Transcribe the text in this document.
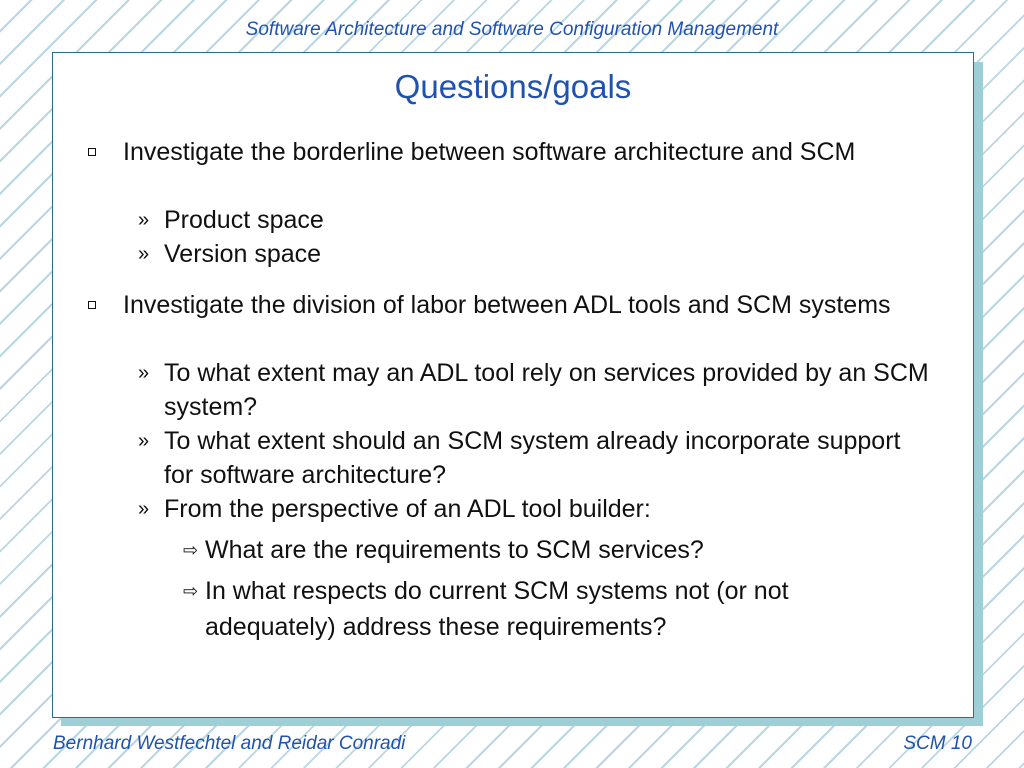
Software Architecture and Software Configuration Management
Questions/goals
Investigate the borderline between software architecture and SCM
» Product space
» Version space
Investigate the division of labor between ADL tools and SCM systems
» To what extent may an ADL tool rely on services provided by an SCM system?
» To what extent should an SCM system already incorporate support for software architecture?
» From the perspective of an ADL tool builder:
⇨ What are the requirements to SCM services?
⇨ In what respects do current SCM systems not (or not adequately) address these requirements?
Bernhard Westfechtel and Reidar Conradi	SCM 10
